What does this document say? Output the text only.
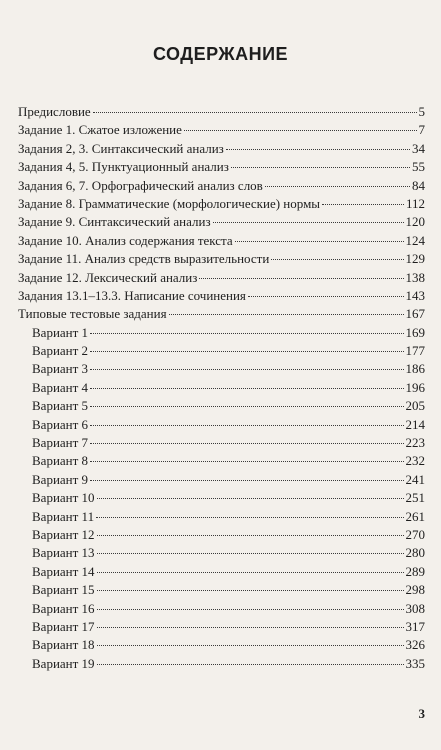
СОДЕРЖАНИЕ
Предисловие	5
Задание 1. Сжатое изложение	7
Задания 2, 3. Синтаксический анализ	34
Задания 4, 5. Пунктуационный анализ	55
Задания 6, 7. Орфографический анализ слов	84
Задание 8. Грамматические (морфологические) нормы	112
Задание 9. Синтаксический анализ	120
Задание 10. Анализ содержания текста	124
Задание 11. Анализ средств выразительности	129
Задание 12. Лексический анализ	138
Задания 13.1–13.3. Написание сочинения	143
Типовые тестовые задания	167
Вариант 1	169
Вариант 2	177
Вариант 3	186
Вариант 4	196
Вариант 5	205
Вариант 6	214
Вариант 7	223
Вариант 8	232
Вариант 9	241
Вариант 10	251
Вариант 11	261
Вариант 12	270
Вариант 13	280
Вариант 14	289
Вариант 15	298
Вариант 16	308
Вариант 17	317
Вариант 18	326
Вариант 19	335
3
